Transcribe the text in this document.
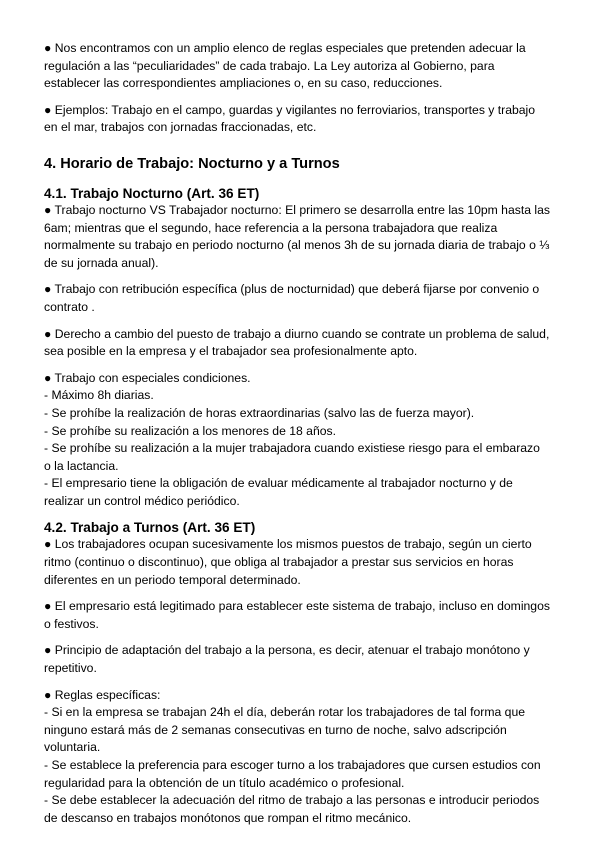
● Nos encontramos con un amplio elenco de reglas especiales que pretenden adecuar la regulación a las “peculiaridades” de cada trabajo. La Ley autoriza al Gobierno, para establecer las correspondientes ampliaciones o, en su caso, reducciones.

● Ejemplos: Trabajo en el campo, guardas y vigilantes no ferroviarios, transportes y trabajo en el mar, trabajos con jornadas fraccionadas, etc.

4. Horario de Trabajo: Nocturno y a Turnos
4.1. Trabajo Nocturno (Art. 36 ET)

● Trabajo nocturno VS Trabajador nocturno: El primero se desarrolla entre las 10pm hasta las 6am; mientras que el segundo, hace referencia a la persona trabajadora que realiza normalmente su trabajo en periodo nocturno (al menos 3h de su jornada diaria de trabajo o ⅓ de su jornada anual).

● Trabajo con retribución específica (plus de nocturnidad) que deberá fijarse por convenio o contrato .

● Derecho a cambio del puesto de trabajo a diurno cuando se contrate un problema de salud, sea posible en la empresa y el trabajador sea profesionalmente apto.

● Trabajo con especiales condiciones.

- Máximo 8h diarias.

- Se prohíbe la realización de horas extraordinarias (salvo las de fuerza mayor).

- Se prohíbe su realización a los menores de 18 años.

- Se prohíbe su realización a la mujer trabajadora cuando existiese riesgo para el embarazo o la lactancia.

- El empresario tiene la obligación de evaluar médicamente al trabajador nocturno y de realizar un control médico periódico.

4.2. Trabajo a Turnos (Art. 36 ET)

● Los trabajadores ocupan sucesivamente los mismos puestos de trabajo, según un cierto ritmo (continuo o discontinuo), que obliga al trabajador a prestar sus servicios en horas diferentes en un periodo temporal determinado.

● El empresario está legitimado para establecer este sistema de trabajo, incluso en domingos o festivos.

● Principio de adaptación del trabajo a la persona, es decir, atenuar el trabajo monótono y repetitivo.

● Reglas específicas:

- Si en la empresa se trabajan 24h el día, deberán rotar los trabajadores de tal forma que ninguno estará más de 2 semanas consecutivas en turno de noche, salvo adscripción voluntaria.

- Se establece la preferencia para escoger turno a los trabajadores que cursen estudios con regularidad para la obtención de un título académico o profesional.

- Se debe establecer la adecuación del ritmo de trabajo a las personas e introducir periodos de descanso en trabajos monótonos que rompan el ritmo mecánico.
